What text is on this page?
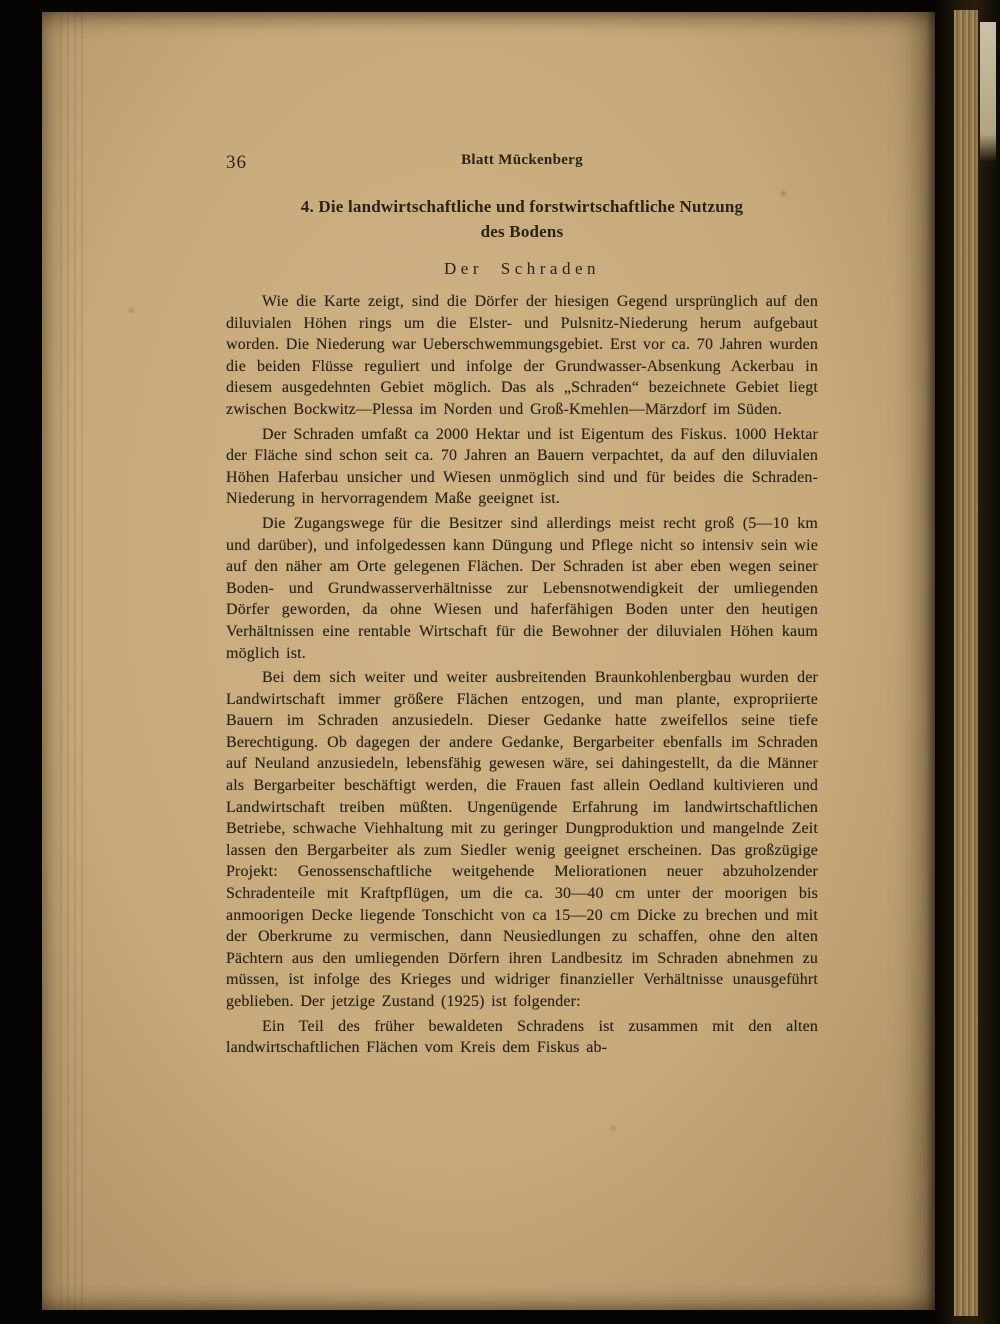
36	Blatt Mückenberg
4. Die landwirtschaftliche und forstwirtschaftliche Nutzung
des Bodens
Der Schraden

Wie die Karte zeigt, sind die Dörfer der hiesigen Gegend ursprünglich auf den diluvialen Höhen rings um die Elster- und Pulsnitz-Niederung herum aufgebaut worden. Die Niederung war Ueberschwemmungsgebiet. Erst vor ca. 70 Jahren wurden die beiden Flüsse reguliert und infolge der Grundwasser-Absenkung Ackerbau in diesem ausgedehnten Gebiet möglich. Das als „Schraden“ bezeichnete Gebiet liegt zwischen Bockwitz—Plessa im Norden und Groß-Kmehlen—Märzdorf im Süden.

Der Schraden umfaßt ca 2000 Hektar und ist Eigentum des Fiskus. 1000 Hektar der Fläche sind schon seit ca. 70 Jahren an Bauern verpachtet, da auf den diluvialen Höhen Haferbau unsicher und Wiesen unmöglich sind und für beides die Schraden-Niederung in hervorragendem Maße geeignet ist.

Die Zugangswege für die Besitzer sind allerdings meist recht groß (5—10 km und darüber), und infolgedessen kann Düngung und Pflege nicht so intensiv sein wie auf den näher am Orte gelegenen Flächen. Der Schraden ist aber eben wegen seiner Boden- und Grundwasserverhältnisse zur Lebensnotwendigkeit der umliegenden Dörfer geworden, da ohne Wiesen und haferfähigen Boden unter den heutigen Verhältnissen eine rentable Wirtschaft für die Bewohner der diluvialen Höhen kaum möglich ist.

Bei dem sich weiter und weiter ausbreitenden Braunkohlenbergbau wurden der Landwirtschaft immer größere Flächen entzogen, und man plante, expropriierte Bauern im Schraden anzusiedeln. Dieser Gedanke hatte zweifellos seine tiefe Berechtigung. Ob dagegen der andere Gedanke, Bergarbeiter ebenfalls im Schraden auf Neuland anzusiedeln, lebensfähig gewesen wäre, sei dahingestellt, da die Männer als Bergarbeiter beschäftigt werden, die Frauen fast allein Oedland kultivieren und Landwirtschaft treiben müßten. Ungenügende Erfahrung im landwirtschaftlichen Betriebe, schwache Viehhaltung mit zu geringer Dungproduktion und mangelnde Zeit lassen den Bergarbeiter als zum Siedler wenig geeignet erscheinen. Das großzügige Projekt: Genossenschaftliche weitgehende Meliorationen neuer abzuholzender Schradenteile mit Kraftpflügen, um die ca. 30—40 cm unter der moorigen bis anmoorigen Decke liegende Tonschicht von ca 15—20 cm Dicke zu brechen und mit der Oberkrume zu vermischen, dann Neusiedlungen zu schaffen, ohne den alten Pächtern aus den umliegenden Dörfern ihren Landbesitz im Schraden abnehmen zu müssen, ist infolge des Krieges und widriger finanzieller Verhältnisse unausgeführt geblieben. Der jetzige Zustand (1925) ist folgender:

Ein Teil des früher bewaldeten Schradens ist zusammen mit den alten landwirtschaftlichen Flächen vom Kreis dem Fiskus ab-
